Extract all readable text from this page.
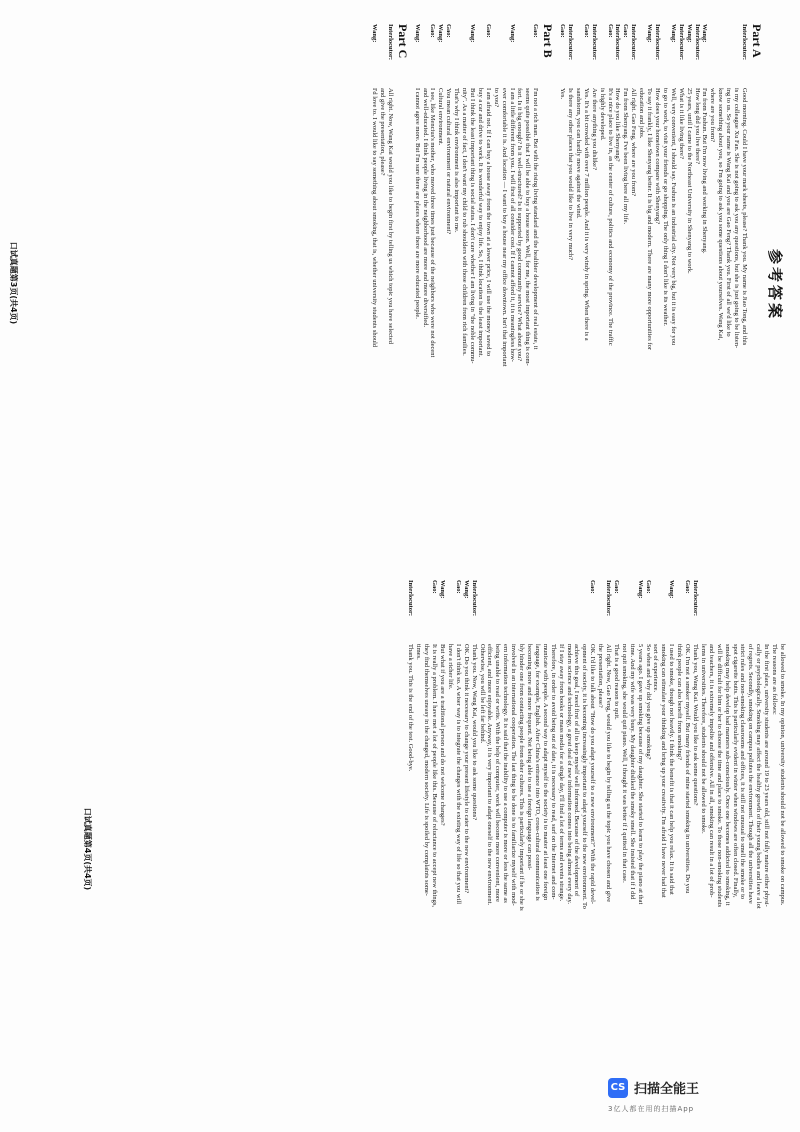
参考答案
Part A
Interlocutor:
Good morning. Could I have your mark sheets, please? Thank you. My name is Jiao Tong, and this
is my colleague Xu Fan. She is not going to ask you any questions, but she is just going to be listen-
ing to us. So your name is Wang Kai and you are Gao Feng? Thank you. First of all we'd like to
know something about you, so I'm going to ask you some questions about yourselves. Wang Kai,
where are you from?
Wang:
I'm from Fushun. But I'm now living and working in Shenyang.
Interlocutor:
How long did you live there?
Wang:
25 years, until I came to the Northeast University in Shenyang to work.
Interlocutor:
What is it like living there?
Wang:
Well, very convenient, I should say. Fushun is an industrial city. Not very big, but it is easy for you
to go to work, to visit your friends or go shopping. The only thing I don't like is its weather.
Interlocutor:
How does your hometown compare with Shenyang?
Wang:
To say it frankly, I like Shenyang better. It is big and modern. There are many more opportunities for
education and jobs.
Interlocutor:
All right. Gao Feng, where are you from?
Gao:
I'm from Shenyang. I've been living here all my life.
Interlocutor:
How do you like Shenyang?
Gao:
It's a nice place to live in, as the center of culture, politics and economy of the province. The traffic
is highly developed.
Interlocutor:
Are there anything you dislike?
Gao:
Yes. It's a bit crowded with over 7 million people. And it is very windy in spring. When there is a
sandstorm, you can hardly move against the wind.
Interlocutor:
Is there any other places that you would like to live in very much?
Gao:
Yes.
Part B
Gao:
I'm not a rich man. But with the rising living standard and the healthier development of real estate, it
seems quite possible that I will be able to buy a house soon. Well, for me, the most important thing is com-
fort. Is it big enough? Is it well-structured? Is it supported by good community service? What about you?
Wang:
I am a little different from you. I will first of all consider cost. If I cannot afford it, it is meaningless how-
ever comfortable it is. And location — I want to buy a house near my office downtown. Isn't that important
to you?
Gao:
I am afraid not. If I can buy a house away from the town at a lower price, I will use the money saved to
buy a car and drive to work. It is wonderful way to enjoy life. So, I think location is the least important.
Wang:
But I think the least important thing is social status. I don't care whether I am living in "the noble commu-
nity". As a matter of fact, I don't want my child to rub shoulders with those children from rich families.
That's why I think environment is also important to me.
Gao:
You mean cultural environment or natural environment?
Wang:
Cultural environment.
Gao:
I see, like Mencius's mother, who moved three times just because of the neighbors who were not decent
and well-educated. I think people living in the neighborhood are more and more diversified.
Wang:
I cannot agree more. But I'm sure there are places where there are more educated people.
Part C
Interlocutor:
All right. Now, Wang Kai would you like to begin first by telling us which topic you have selected
and give the presentation, please?
Wang:
I'd love to. I would like to say something about smoking, that is, whether university students should
口试真题第3页(共4页)
be allowed to smoke. In my opinion, university students should not be allowed to smoke on campus.
The reasons are as follows:
In the first place, university students are around 19 to 23 years old, still not fully mature either physi-
cally or psychologically. Smoking may affect the healthy growth of their young bodies and leave a lot
of regrets. Secondly, smoking on campus pollutes the environment. Though all the universities have
strict rules and non-smoking classrooms and offices, it is still not unusual to smell the smoke or to
spot cigarette butts. This is particularly evident in winter when windows are often closed. Finally,
smoking may help develop bad manners sub-consciously. Once one becomes addicted to smoking, it
will be difficult for him or her to choose the time and place to smoke. To those non-smoking students
and teachers, it is extremely impolite and offensive. All in all, smoking can result in a lot of prob-
lems in universities. Therefore, students should not be allowed to smoke.
Interlocutor:
Thank you, Wang Kai. Would you like to ask some questions?
Gao:
OK. I'm not a smoker myself. But many friends of mine started smoking in universities. Do you
think people can also benefit from smoking?
Wang:
I used to smoke, though not heavily. I think the benefit is that it can help you relax. It is said that
smoking can stimulate your thinking and bring up your creativity. I'm afraid I have never had that
sort of experience.
Gao:
So when and why did you give up smoking?
Wang:
5 years ago. I gave up smoking because of my daughter. She started to learn to play the piano at that
time. And my wife was very busy. My daughter disliked the smoky smell. She insisted that if I did
not quit smoking, she would quit piano. Well, I thought it was better if I quitted in that case.
Gao:
That is a good reason to quit.
Interlocutor:
All right. Now, Gao Feng, would you like to begin by telling us the topic you have chosen and give
the presentation, please?
Gao:
OK. I'd like to talk about "How do you adapt yourself to a new environment?" With the rapid devel-
opment of society, it is becoming increasingly important to adapt yourself to the new environment. To
achieve this goal, I need first of all to keep myself well informed. Because of the development of
modern science and technology, a great deal of new information comes into being almost every day.
If I stay away from books or mass media for a single day, I'll find a lot of terms and events strange.
Therefore, in order to avoid being out of date, it is necessary to read, surf on the Internet and com-
municate with people. A second way to adapt myself to the society is to master at least one foreign
language, for example, English. After China's entrance into WTO, cross-cultural communication is
becoming more and more frequent. Not being able to use a foreign language can possi-
bly hinder one from contacting people from other cultures. This is particularly important if he or she is
involved in an international cooperation. The last thing to be done is to familiarize myself with mod-
ern information technology. It is said that the inability to use a computer is more or less the same as
being unable to read or write. With the help of computer, work will become more convenient, more
efficient, and more enjoyable. Anyway, it is very important to adapt oneself to the new environment.
Otherwise, you will be left far behind.
Interlocutor:
Thank you. Now, Wang Kai, would you like to ask some questions?
Wang:
OK. Do you think it necessary to change your present lifestyle to cater to the new environment?
Gao:
I don't think so. A wiser way is to integrate the changes with the existing way of life so that you will
have a richer life.
Wang:
But what if you are a traditional person and do not welcome changes?
Gao:
It is really a problem. I have met a lot of people like this. Because of reluctance to accept new things,
they find themselves uneasy in the changed, modern society. Life is spoiled by complaints some-
times.
Interlocutor:
Thank you. This is the end of the test. Good-bye.
口试真题第4页(共4页)
CS 扫描全能王
3亿人都在用的扫描App
